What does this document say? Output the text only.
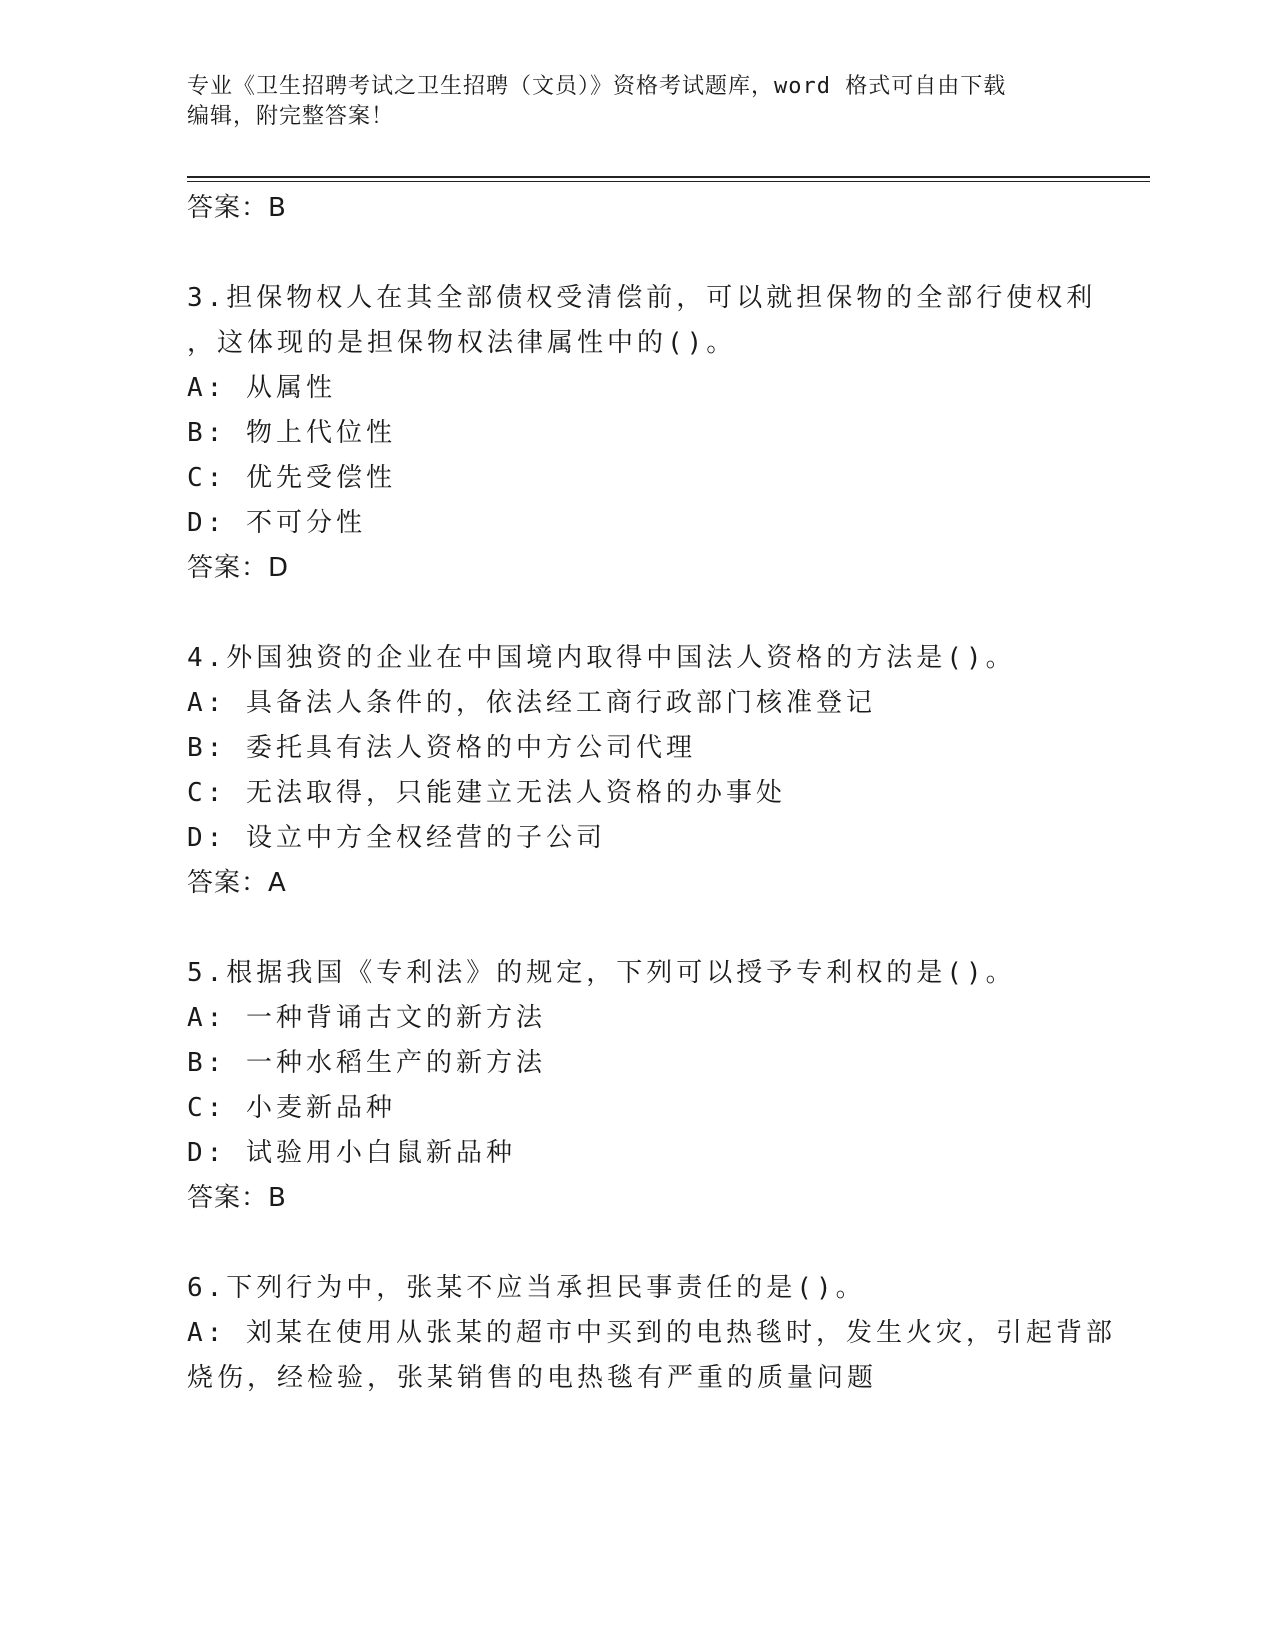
专业《卫生招聘考试之卫生招聘（文员）》资格考试题库，word 格式可自由下载
编辑，附完整答案！
答案：B
3.担保物权人在其全部债权受清偿前，可以就担保物的全部行使权利
，这体现的是担保物权法律属性中的()。
A: 从属性
B: 物上代位性
C: 优先受偿性
D: 不可分性
答案：D
4.外国独资的企业在中国境内取得中国法人资格的方法是()。
A: 具备法人条件的，依法经工商行政部门核准登记
B: 委托具有法人资格的中方公司代理
C: 无法取得，只能建立无法人资格的办事处
D: 设立中方全权经营的子公司
答案：A
5.根据我国《专利法》的规定，下列可以授予专利权的是()。
A: 一种背诵古文的新方法
B: 一种水稻生产的新方法
C: 小麦新品种
D: 试验用小白鼠新品种
答案：B
6.下列行为中，张某不应当承担民事责任的是()。
A: 刘某在使用从张某的超市中买到的电热毯时，发生火灾，引起背部
烧伤，经检验，张某销售的电热毯有严重的质量问题
